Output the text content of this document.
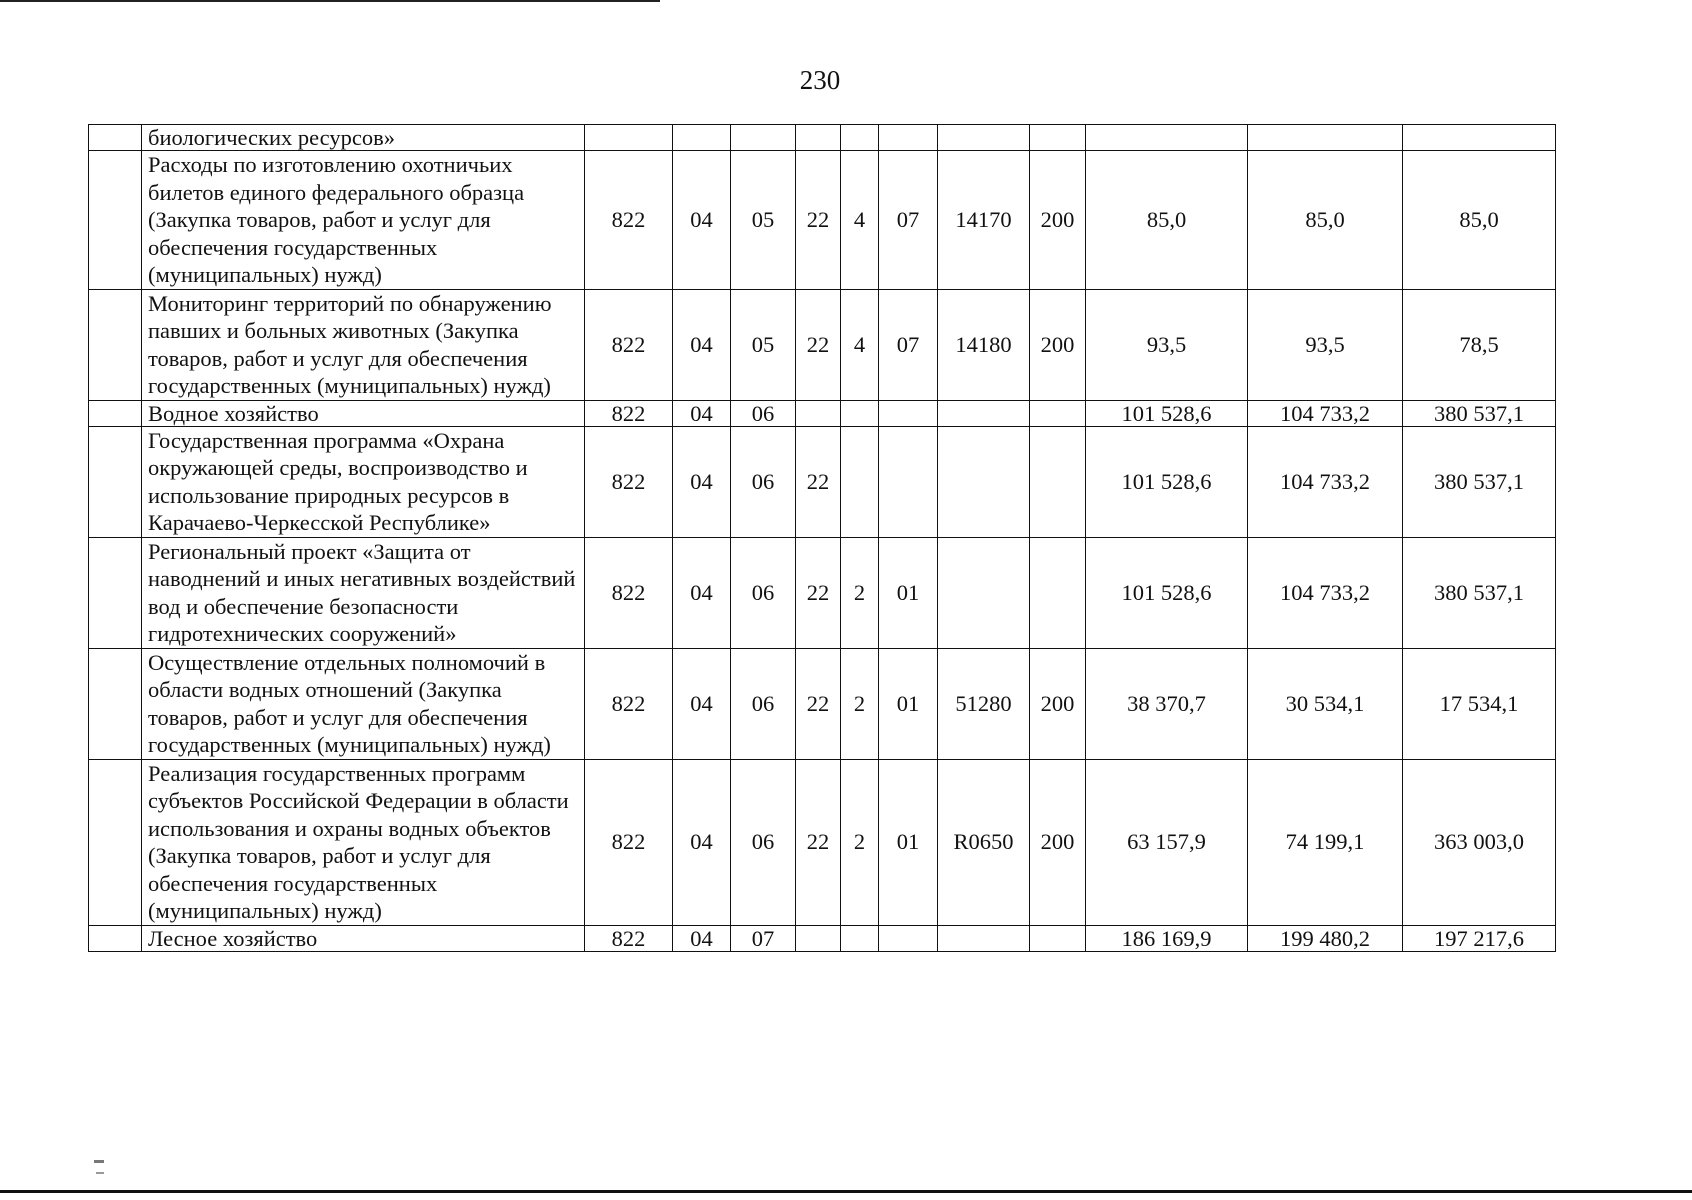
230
	биологических ресурсов»											
	Расходы по изготовлению охотничьих билетов единого федерального образца (Закупка товаров, работ и услуг для обеспечения государственных (муниципальных) нужд)	822	04	05	22	4	07	14170	200	85,0	85,0	85,0
	Мониторинг территорий по обнаружению павших и больных животных (Закупка товаров, работ и услуг для обеспечения государственных (муниципальных) нужд)	822	04	05	22	4	07	14180	200	93,5	93,5	78,5
	Водное хозяйство	822	04	06						101 528,6	104 733,2	380 537,1
	Государственная программа «Охрана окружающей среды, воспроизводство и использование природных ресурсов в Карачаево-Черкесской Республике»	822	04	06	22					101 528,6	104 733,2	380 537,1
	Региональный проект «Защита от наводнений и иных негативных воздействий вод и обеспечение безопасности гидротехнических сооружений»	822	04	06	22	2	01			101 528,6	104 733,2	380 537,1
	Осуществление отдельных полномочий в области водных отношений (Закупка товаров, работ и услуг для обеспечения государственных (муниципальных) нужд)	822	04	06	22	2	01	51280	200	38 370,7	30 534,1	17 534,1
	Реализация государственных программ субъектов Российской Федерации в области использования и охраны водных объектов (Закупка товаров, работ и услуг для обеспечения государственных (муниципальных) нужд)	822	04	06	22	2	01	R0650	200	63 157,9	74 199,1	363 003,0
	Лесное хозяйство	822	04	07						186 169,9	199 480,2	197 217,6
